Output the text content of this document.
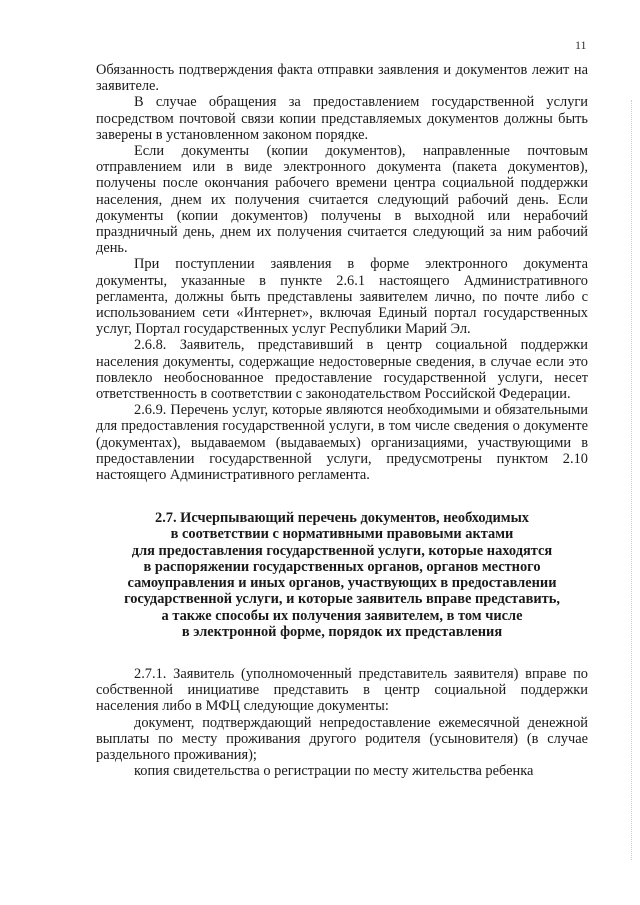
11

Обязанность подтверждения факта отправки заявления и документов лежит на заявителе.

В случае обращения за предоставлением государственной услуги посредством почтовой связи копии представляемых документов должны быть заверены в установленном законом порядке.

Если документы (копии документов), направленные почтовым отправлением или в виде электронного документа (пакета документов), получены после окончания рабочего времени центра социальной поддержки населения, днем их получения считается следующий рабочий день. Если документы (копии документов) получены в выходной или нерабочий праздничный день, днем их получения считается следующий за ним рабочий день.

При поступлении заявления в форме электронного документа документы, указанные в пункте 2.6.1 настоящего Административного регламента, должны быть представлены заявителем лично, по почте либо с использованием сети «Интернет», включая Единый портал государственных услуг, Портал государственных услуг Республики Марий Эл.

2.6.8. Заявитель, представивший в центр социальной поддержки населения документы, содержащие недостоверные сведения, в случае если это повлекло необоснованное предоставление государственной услуги, несет ответственность в соответствии с законодательством Российской Федерации.

2.6.9. Перечень услуг, которые являются необходимыми и обязательными для предоставления государственной услуги, в том числе сведения о документе (документах), выдаваемом (выдаваемых) организациями, участвующими в предоставлении государственной услуги, предусмотрены пунктом 2.10 настоящего Административного регламента.

2.7. Исчерпывающий перечень документов, необходимых
в соответствии с нормативными правовыми актами
для предоставления государственной услуги, которые находятся
в распоряжении государственных органов, органов местного
самоуправления и иных органов, участвующих в предоставлении
государственной услуги, и которые заявитель вправе представить,
а также способы их получения заявителем, в том числе
в электронной форме, порядок их представления

2.7.1. Заявитель (уполномоченный представитель заявителя) вправе по собственной инициативе представить в центр социальной поддержки населения либо в МФЦ следующие документы:

документ, подтверждающий непредоставление ежемесячной денежной выплаты по месту проживания другого родителя (усыновителя) (в случае раздельного проживания);

копия свидетельства о регистрации по месту жительства ребенка
